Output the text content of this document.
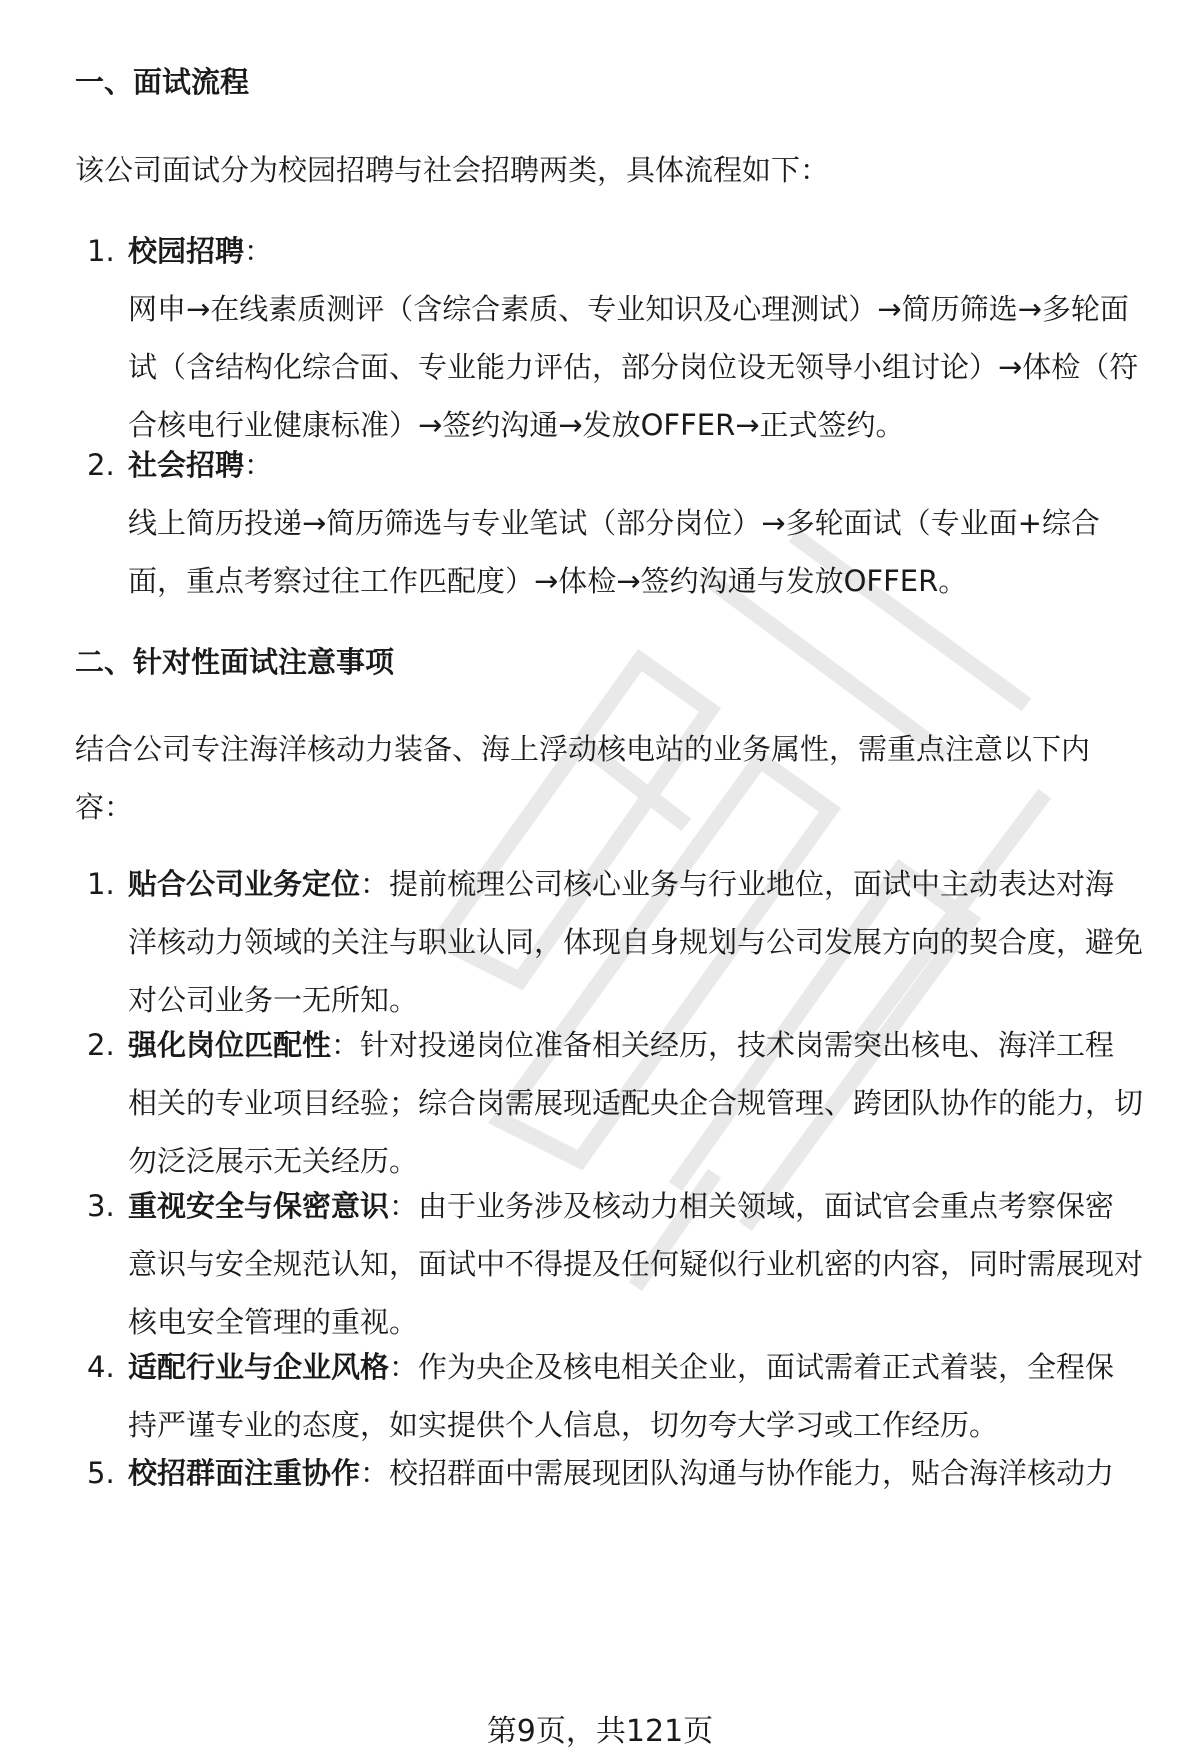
一、面试流程

该公司面试分为校园招聘与社会招聘两类，具体流程如下：

1. 校园招聘：
网申→在线素质测评（含综合素质、专业知识及心理测试）→简历筛选→多轮面试（含结构化综合面、专业能力评估，部分岗位设无领导小组讨论）→体检（符合核电行业健康标准）→签约沟通→发放OFFER→正式签约。
2. 社会招聘：
线上简历投递→简历筛选与专业笔试（部分岗位）→多轮面试（专业面+综合面，重点考察过往工作匹配度）→体检→签约沟通与发放OFFER。
二、针对性面试注意事项

结合公司专注海洋核动力装备、海上浮动核电站的业务属性，需重点注意以下内容：

1. 贴合公司业务定位：提前梳理公司核心业务与行业地位，面试中主动表达对海洋核动力领域的关注与职业认同，体现自身规划与公司发展方向的契合度，避免对公司业务一无所知。
2. 强化岗位匹配性：针对投递岗位准备相关经历，技术岗需突出核电、海洋工程相关的专业项目经验；综合岗需展现适配央企合规管理、跨团队协作的能力，切勿泛泛展示无关经历。
3. 重视安全与保密意识：由于业务涉及核动力相关领域，面试官会重点考察保密意识与安全规范认知，面试中不得提及任何疑似行业机密的内容，同时需展现对核电安全管理的重视。
4. 适配行业与企业风格：作为央企及核电相关企业，面试需着正式着装，全程保持严谨专业的态度，如实提供个人信息，切勿夸大学习或工作经历。
5. 校招群面注重协作：校招群面中需展现团队沟通与协作能力，贴合海洋核动力
第9页，共121页
